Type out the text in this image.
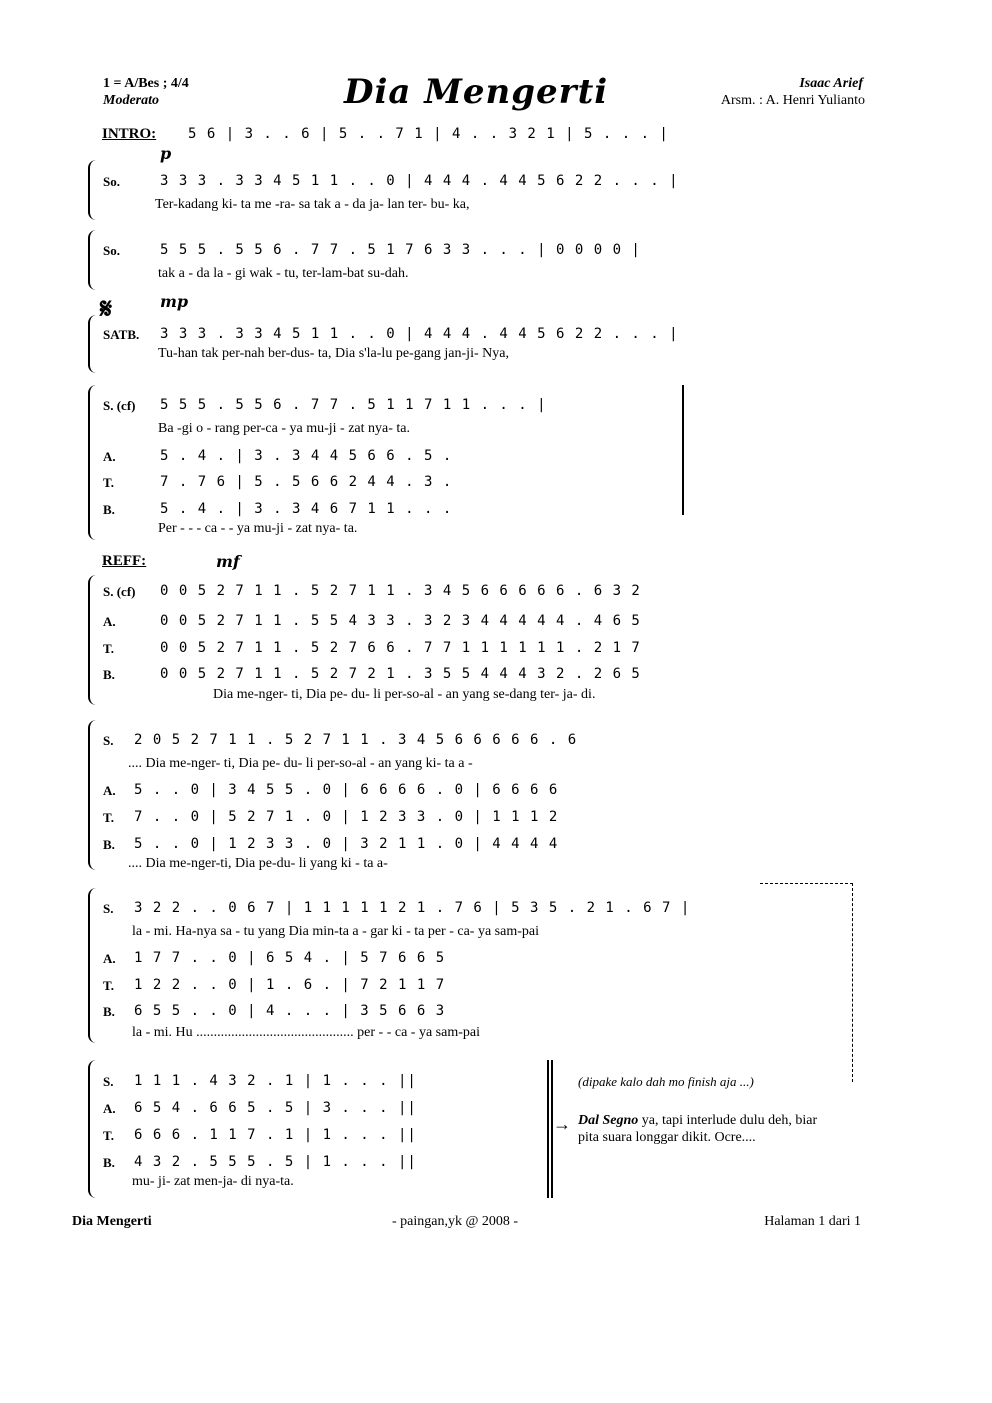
1 = A/Bes ; 4/4
Moderato	Dia Mengerti	Isaac Arief
Arsm. : A. Henri Yulianto
INTRO: 5 6 | 3 . . 6 | 5 . . 7 1 | 4 . . 3 2 1 | 5 . . . |
p
So.	3 3 3 . 3 3 4 5 1 1 . . 0 | 4 4 4 . 4 4 5 6 2 2 . . . |
Ter-kadang ki- ta me -ra- sa tak a - da ja- lan ter- bu- ka,
So.	5 5 5 . 5 5 6 . 7 7 . 5 1 7 6 3 3 . . . | 0 0 0 0 |
tak a - da la - gi wak - tu, ter-lam-bat su-dah.
𝄋	mp
SATB. 3 3 3 . 3 3 4 5 1 1 . . 0 | 4 4 4 . 4 4 5 6 2 2 . . . |
Tu-han tak per-nah ber-dus- ta, Dia s'la-lu pe-gang jan-ji- Nya,
S. (cf) 5 5 5 . 5 5 6 . 7 7 . 5 1 1 7 1 1 . . . |
Ba -gi o - rang per-ca - ya mu-ji - zat nya- ta.
A.	5 . 4 . | 3 . 3 4 4 5 6 6 . 5 .
T.	7 . 7 6 | 5 . 5 6 6 2 4 4 . 3 .
B.	5 . 4 . | 3 . 3 4 6 7 1 1 . . .
Per - - - ca - - ya mu-ji - zat nya- ta.
REFF:	mf
S. (cf) 0 0 5 2 7 1 1 . 5 2 7 1 1 . 3 4 5 6 6 6 6 6 . 6 3 2
A.	0 0 5 2 7 1 1 . 5 5 4 3 3 . 3 2 3 4 4 4 4 4 . 4 6 5
T.	0 0 5 2 7 1 1 . 5 2 7 6 6 . 7 7 1 1 1 1 1 1 . 2 1 7
B.	0 0 5 2 7 1 1 . 5 2 7 2 1 . 3 5 5 4 4 4 3 2 . 2 6 5
Dia me-nger- ti, Dia pe- du- li per-so-al - an yang se-dang ter- ja- di.
S. 2 0 5 2 7 1 1 . 5 2 7 1 1 . 3 4 5 6 6 6 6 6 . 6
.... Dia me-nger- ti, Dia pe- du- li per-so-al - an yang ki- ta a -
A. 5 . . 0 | 3 4 5 5 . 0 | 6 6 6 6 . 0 | 6 6 6 6
T. 7 . . 0 | 5 2 7 1 . 0 | 1 2 3 3 . 0 | 1 1 1 2
B. 5 . . 0 | 1 2 3 3 . 0 | 3 2 1 1 . 0 | 4 4 4 4
.... Dia me-nger-ti, Dia pe-du- li yang ki - ta a-
S. 3 2 2 . . 0 6 7 | 1 1 1 1 1 2 1 . 7 6 | 5 3 5 . 2 1 . 6 7 |
la - mi. Ha-nya sa - tu yang Dia min-ta a - gar ki - ta per - ca- ya sam-pai
A. 1 7 7 . . 0 | 6 5 4 . | 5 7 6 6 5
T. 1 2 2 . . 0 | 1 . 6 . | 7 2 1 1 7
B. 6 5 5 . . 0 | 4 . . . | 3 5 6 6 3
la - mi. Hu ............................................. per - - ca - ya sam-pai
S. 1 1 1 . 4 3 2 . 1 | 1 . . . ||
A. 6 5 4 . 6 6 5 . 5 | 3 . . . ||
T. 6 6 6 . 1 1 7 . 1 | 1 . . . ||
B. 4 3 2 . 5 5 5 . 5 | 1 . . . ||
mu- ji- zat men-ja- di nya-ta.
(dipake kalo dah mo finish aja ...)
→ Dal Segno ya, tapi interlude dulu deh, biar pita suara longgar dikit. Ocre....
Dia Mengerti	- paingan,yk @ 2008 -	Halaman 1 dari 1
